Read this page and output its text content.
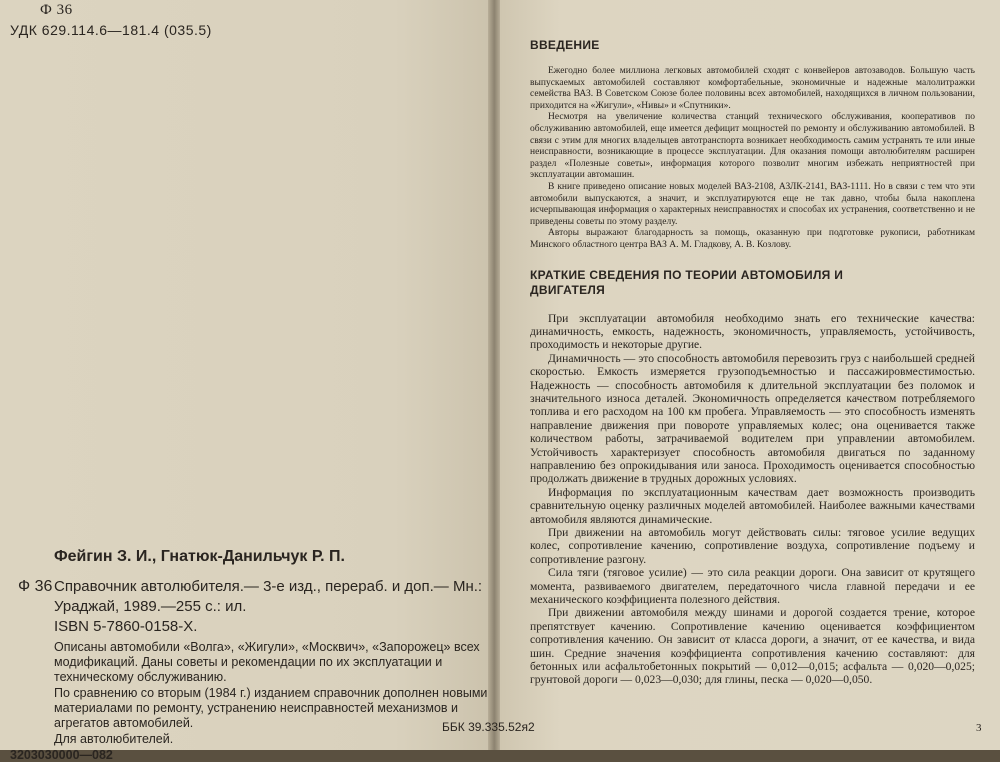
Ф 36
УДК 629.114.6—181.4 (035.5)
Фейгин З. И., Гнатюк-Данильчук Р. П.
Ф 36 Справочник автолюбителя.— 3-е изд., перераб. и доп.— Мн.:
Ураджай, 1989.—255 с.: ил.
ISBN 5-7860-0158-X.
Описаны автомобили «Волга», «Жигули», «Москвич», «Запорожец» всех модификаций. Даны советы и рекомендации по их эксплуатации и техническому обслуживанию.
По сравнению со вторым (1984 г.) изданием справочник дополнен новыми материалами по ремонту, устранению неисправностей механизмов и агрегатов автомобилей.
Для автолюбителей.
3203030000—082
ВВЕДЕНИЕ

Ежегодно более миллиона легковых автомобилей сходят с конвейеров автозаводов. Большую часть выпускаемых автомобилей составляют комфортабельные, экономичные и надежные малолитражки семейства ВАЗ. В Советском Союзе более половины всех автомобилей, находящихся в личном пользовании, приходится на «Жигули», «Нивы» и «Спутники».

Несмотря на увеличение количества станций технического обслуживания, кооперативов по обслуживанию автомобилей, еще имеется дефицит мощностей по ремонту и обслуживанию автомобилей. В связи с этим для многих владельцев автотранспорта возникает необходимость самим устранять те или иные неисправности, возникающие в процессе эксплуатации. Для оказания помощи автолюбителям расширен раздел «Полезные советы», информация которого позволит многим избежать неприятностей при эксплуатации автомашин.

В книге приведено описание новых моделей ВАЗ-2108, АЗЛК-2141, ВАЗ-1111. Но в связи с тем что эти автомобили выпускаются, а значит, и эксплуатируются еще не так давно, чтобы была накоплена исчерпывающая информация о характерных неисправностях и способах их устранения, соответственно и не приведены советы по этому разделу.

Авторы выражают благодарность за помощь, оказанную при подготовке рукописи, работникам Минского областного центра ВАЗ А. М. Гладкову, А. В. Козлову.

КРАТКИЕ СВЕДЕНИЯ ПО ТЕОРИИ АВТОМОБИЛЯ И ДВИГАТЕЛЯ

При эксплуатации автомобиля необходимо знать его технические качества: динамичность, емкость, надежность, экономичность, управляемость, устойчивость, проходимость и некоторые другие.

Динамичность — это способность автомобиля перевозить груз с наибольшей средней скоростью. Емкость измеряется грузоподъемностью и пассажировместимостью. Надежность — способность автомобиля к длительной эксплуатации без поломок и значительного износа деталей. Экономичность определяется качеством потребляемого топлива и его расходом на 100 км пробега. Управляемость — это способность изменять направление движения при повороте управляемых колес; она оценивается также количеством работы, затрачиваемой водителем при управлении автомобилем. Устойчивость характеризует способность автомобиля двигаться по заданному направлению без опрокидывания или заноса. Проходимость оценивается способностью продолжать движение в трудных дорожных условиях.

Информация по эксплуатационным качествам дает возможность производить сравнительную оценку различных моделей автомобилей. Наиболее важными качествами автомобиля являются динамические.

При движении на автомобиль могут действовать силы: тяговое усилие ведущих колес, сопротивление качению, сопротивление воздуха, сопротивление подъему и сопротивление разгону.

Сила тяги (тяговое усилие) — это сила реакции дороги. Она зависит от крутящего момента, развиваемого двигателем, передаточного числа главной передачи и ее механического коэффициента полезного действия.

При движении автомобиля между шинами и дорогой создается трение, которое препятствует качению. Сопротивление качению оценивается коэффициентом сопротивления качению. Он зависит от класса дороги, а значит, от ее качества, и вида шин. Средние значения коэффициента сопротивления качению составляют: для бетонных или асфальтобетонных покрытий — 0,012—0,015; асфальта — 0,020—0,025; грунтовой дороги — 0,023—0,030; для глины, песка — 0,020—0,050.

3
ББК 39.335.52я2
